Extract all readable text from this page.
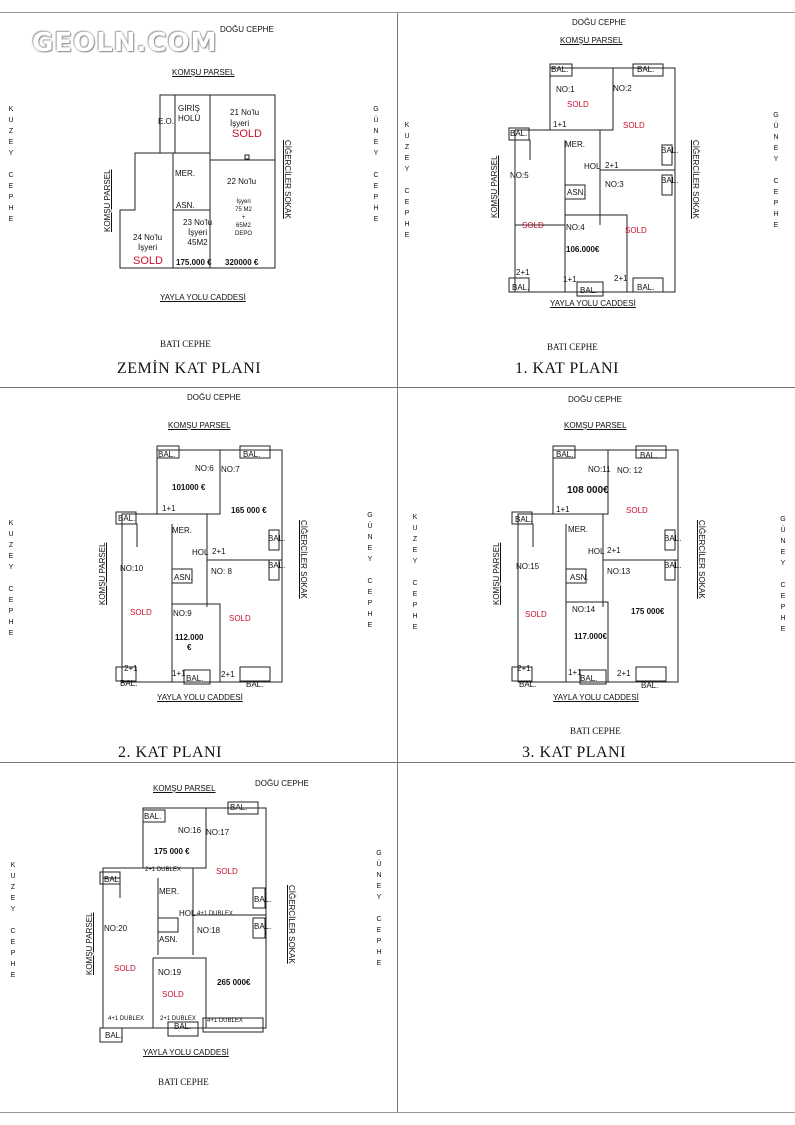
GEOLN.COM DOĞU CEPHE
KOMŞU PARSEL
K
U
Z
E
Y

C
E
P
H
E
G
Ü
N
E
Y

C
E
P
H
E
KOMŞU PARSEL	CİĞERCİLER SOKAK
YAYLA YOLU CADDESİ
BATI CEPHE
ZEMİN KAT PLANI
E.O.
GİRİŞ
HOLÜ
MER.
ASN.
21 No'lu
İşyeri
SOLD
22 No'lu
İşyeri
75 M2
+
65M2
DEPO
320000 €
23 No'lu
İşyeri
45M2
175.000 €
24 No'lu
İşyeri
SOLD
DOĞU CEPHE
KOMŞU PARSEL
K
U
Z
E
Y

C
E
P
H
E
G
Ü
N
E
Y

C
E
P
H
E
KOMŞU PARSEL	CİĞERCİLER SOKAK
YAYLA YOLU CADDESİ
BATI CEPHE
1. KAT PLANI
BAL.	BAL.
NO:1
SOLD
NO:2
SOLD
1+1
BAL.
MER.
HOL 2+1
NO:5
NO:3
ASN.
BAL.
BAL.
NO:4
SOLD
SOLD
106.000€
2+1
1+1	2+1
BAL.	BAL.	BAL.
DOĞU CEPHE
KOMŞU PARSEL
K
U
Z
E
Y

C
E
P
H
E
G
Ü
N
E
Y

C
E
P
H
E
KOMŞU PARSEL	CİĞERCİLER SOKAK
YAYLA YOLU CADDESİ
2. KAT PLANI
BAL.	BAL.
NO:6 NO:7
101000 €
165 000 €
1+1
BAL.
MER.
HOL 2+1
BAL.
BAL.
NO:10	NO: 8
ASN.
NO:9
SOLD
SOLD
112.000
€
2+1
1+1	2+1
BAL.
BAL.
BAL.
DOĞU CEPHE
KOMŞU PARSEL
K
U
Z
E
Y

C
E
P
H
E
G
Ü
N
E
Y

C
E
P
H
E
KOMŞU PARSEL	CİĞERCİLER SOKAK
YAYLA YOLU CADDESİ
BATI CEPHE
3. KAT PLANI
BAL.	BAL.
NO:11 NO: 12
108 000€
SOLD
1+1
BAL.
MER.
HOL 2+1
BAL.
BAL.
NO:15
NO:13
ASN.
NO:14	175 000€
SOLD
117.000€
2+1	1+1	2+1
BAL.
BAL.
BAL.
DOĞU CEPHE
KOMŞU PARSEL
K
U
Z
E
Y

C
E
P
H
E
G
Ü
N
E
Y

C
E
P
H
E
KOMŞU PARSEL	CİĞERCİLER SOKAK
YAYLA YOLU CADDESİ
BATI CEPHE
BAL.
BAL.
NO:16 NO:17
175 000 €
2+1 DUBLEX	SOLD
BAL.
MER.
BAL.
HOL 4+1 DUBLEX
BAL.
NO:20	NO:18
ASN.
SOLD	NO:19
265 000€
SOLD
4+1 DUBLEX	2+1 DUBLEX 4+1 DUBLEX
BAL.
BAL.
